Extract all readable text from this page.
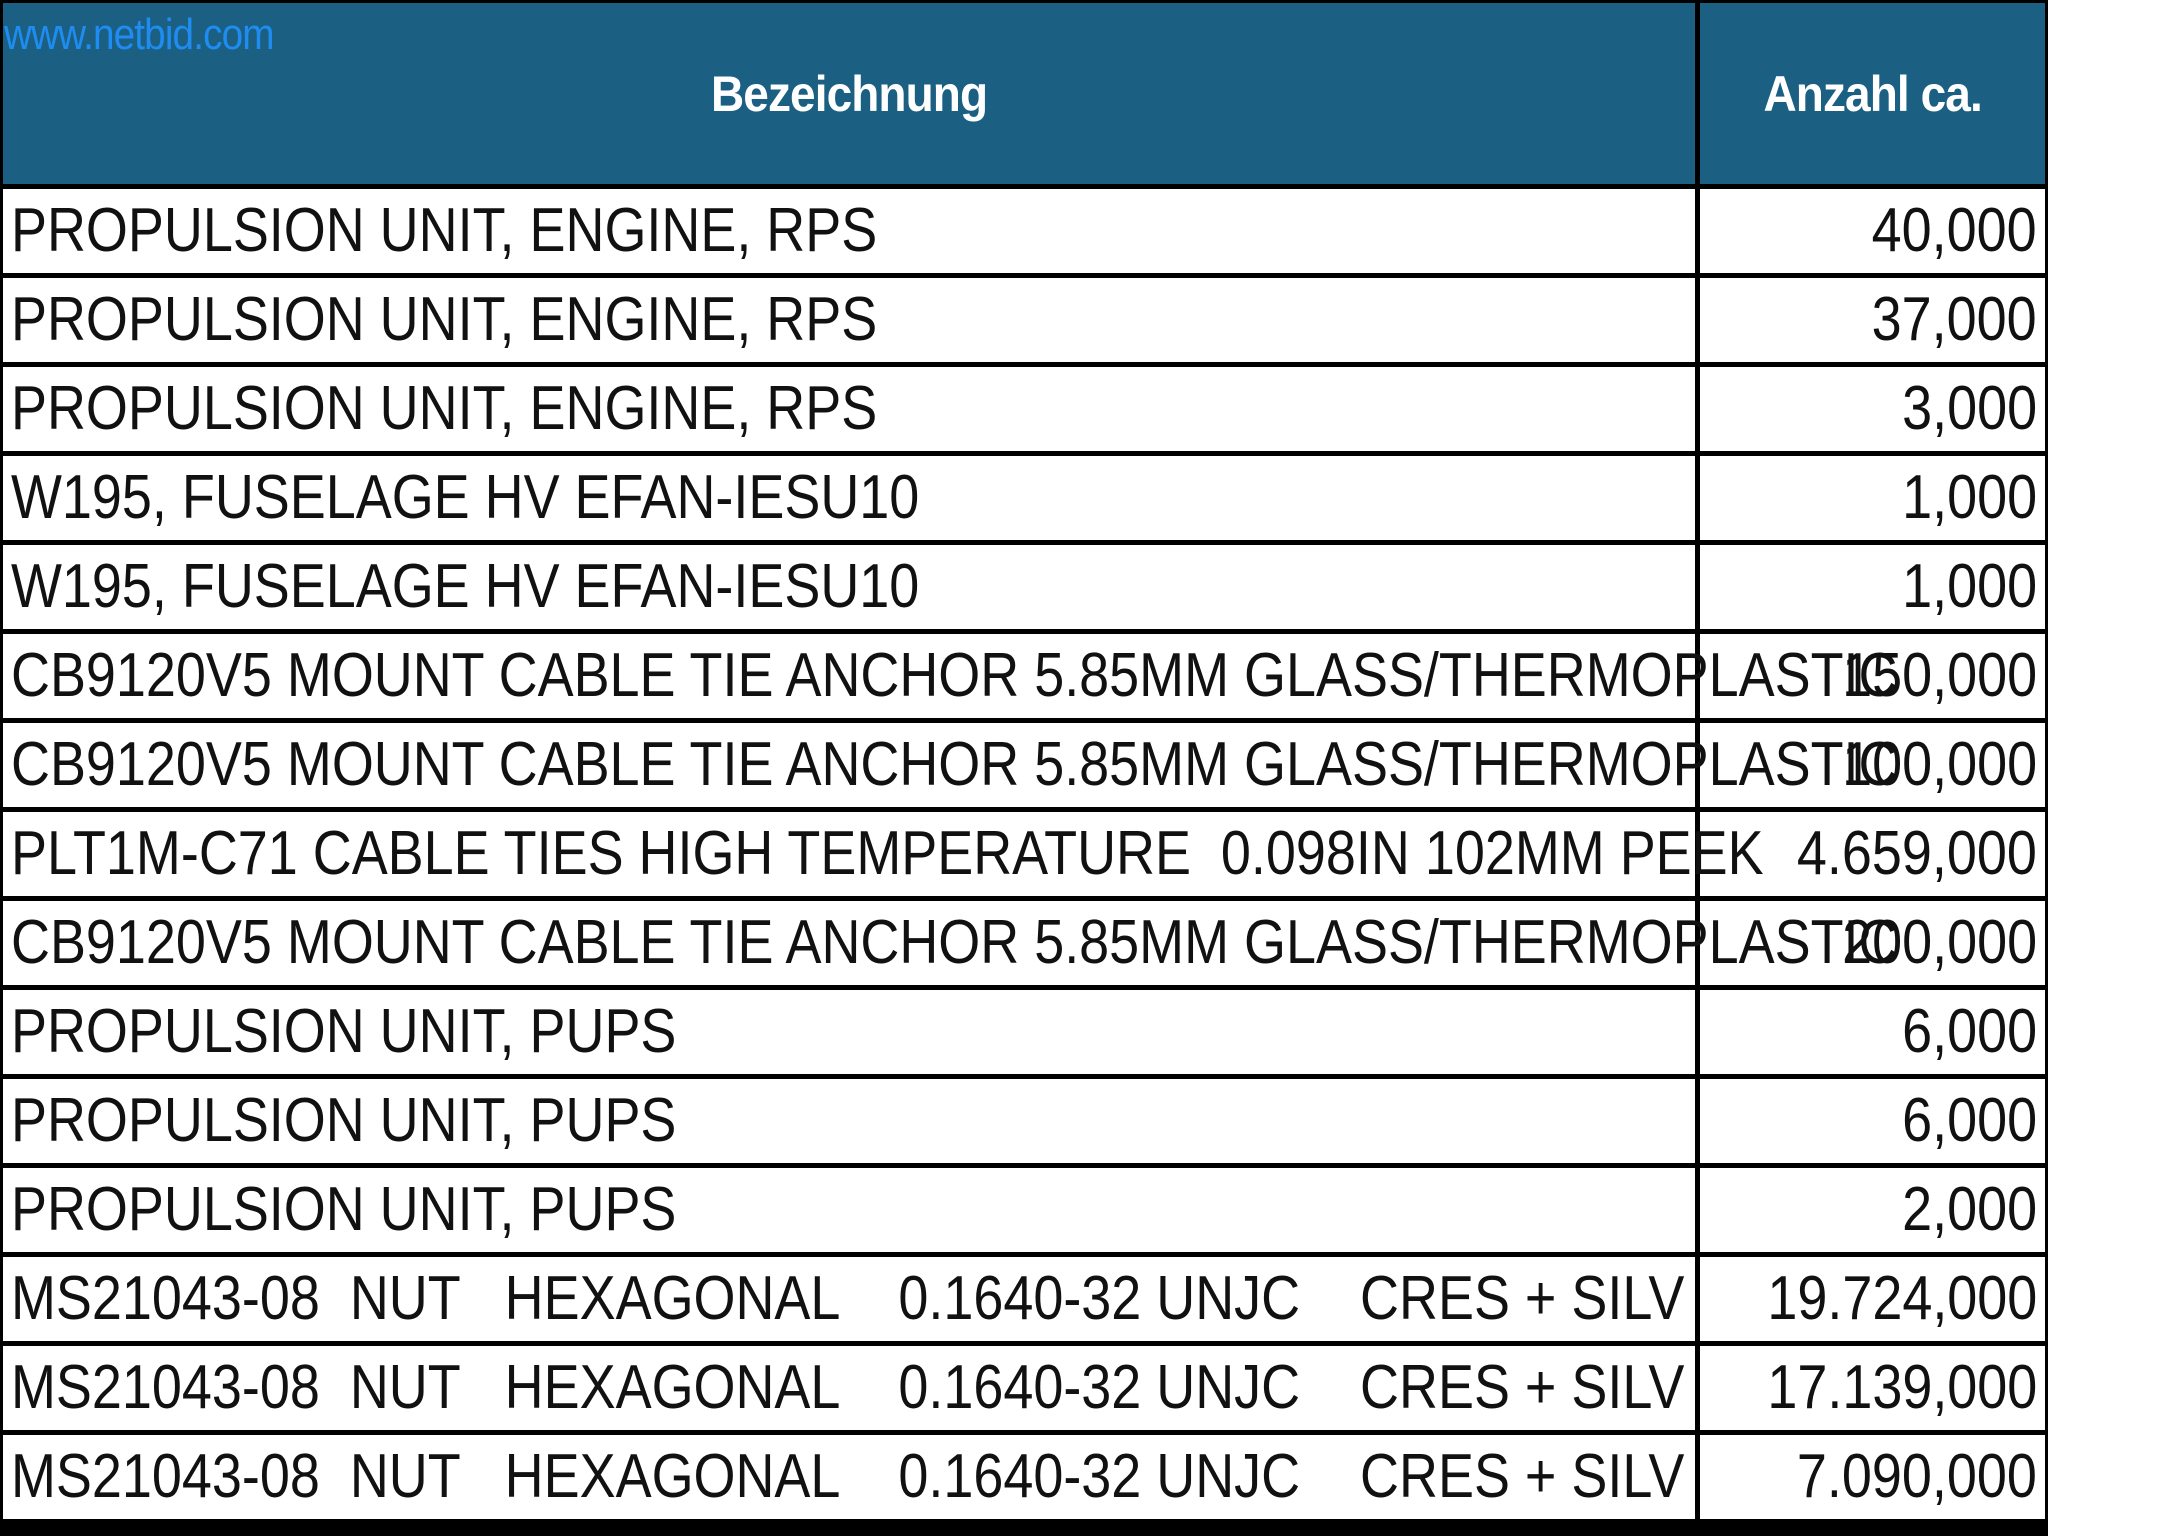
Bezeichnung	Anzahl ca.
PROPULSION UNIT, ENGINE, RPS	40,000
PROPULSION UNIT, ENGINE, RPS	37,000
PROPULSION UNIT, ENGINE, RPS	3,000
W195, FUSELAGE HV EFAN-IESU10	1,000
W195, FUSELAGE HV EFAN-IESU10	1,000
CB9120V5 MOUNT CABLE TIE ANCHOR 5.85MM GLASS/THERMOPLASTIC	150,000
CB9120V5 MOUNT CABLE TIE ANCHOR 5.85MM GLASS/THERMOPLASTIC	100,000
PLT1M-C71 CABLE TIES HIGH TEMPERATURE  0.098IN 102MM PEEK	4.659,000
CB9120V5 MOUNT CABLE TIE ANCHOR 5.85MM GLASS/THERMOPLASTIC	200,000
PROPULSION UNIT, PUPS	6,000
PROPULSION UNIT, PUPS	6,000
PROPULSION UNIT, PUPS	2,000
MS21043-08  NUT   HEXAGONAL    0.1640-32 UNJC    CRES + SILV	19.724,000
MS21043-08  NUT   HEXAGONAL    0.1640-32 UNJC    CRES + SILV	17.139,000
MS21043-08  NUT   HEXAGONAL    0.1640-32 UNJC    CRES + SILV	7.090,000
www.netbid.com
